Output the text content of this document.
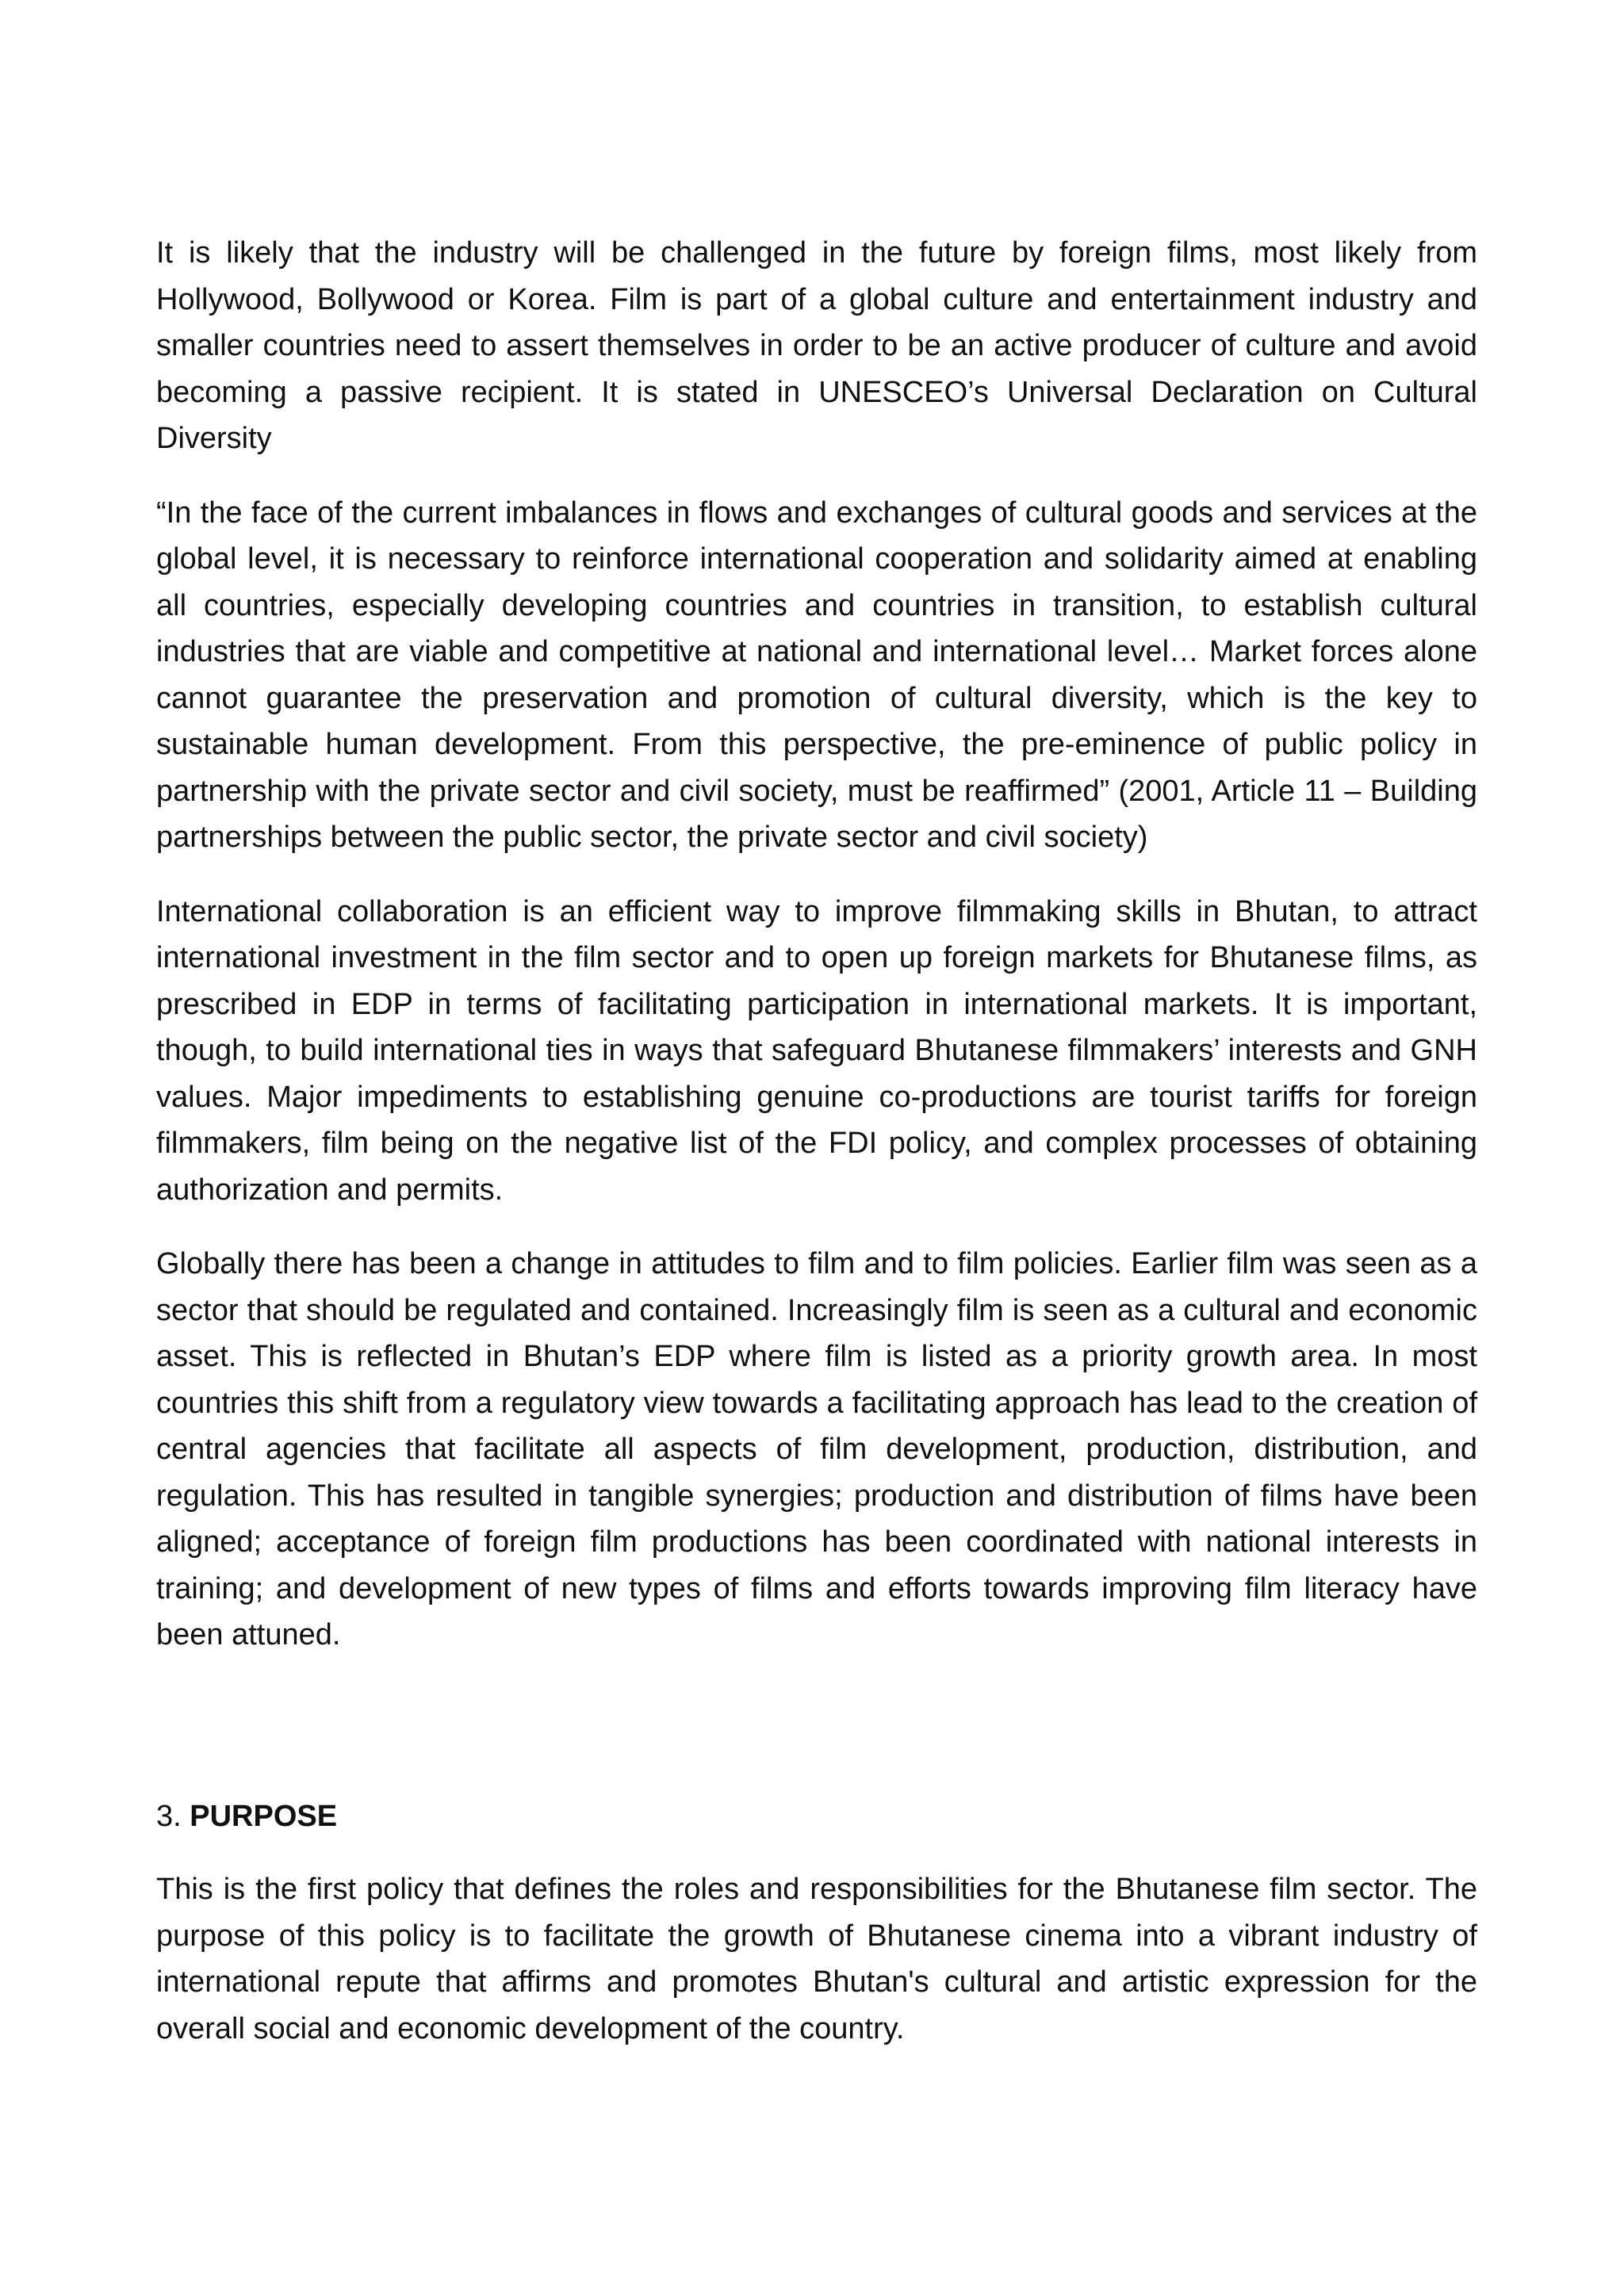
It is likely that the industry will be challenged in the future by foreign films, most likely from Hollywood, Bollywood or Korea. Film is part of a global culture and entertainment industry and smaller countries need to assert themselves in order to be an active producer of culture and avoid becoming a passive recipient. It is stated in UNESCEO’s Universal Declaration on Cultural Diversity

“In the face of the current imbalances in flows and exchanges of cultural goods and services at the global level, it is necessary to reinforce international cooperation and solidarity aimed at enabling all countries, especially developing countries and countries in transition, to establish cultural industries that are viable and competitive at national and international level… Market forces alone cannot guarantee the preservation and promotion of cultural diversity, which is the key to sustainable human development. From this perspective, the pre-eminence of public policy in partnership with the private sector and civil society, must be reaffirmed” (2001, Article 11 – Building partnerships between the public sector, the private sector and civil society)

International collaboration is an efficient way to improve filmmaking skills in Bhutan, to attract international investment in the film sector and to open up foreign markets for Bhutanese films, as prescribed in EDP in terms of facilitating participation in international markets. It is important, though, to build international ties in ways that safeguard Bhutanese filmmakers’ interests and GNH values. Major impediments to establishing genuine co-productions are tourist tariffs for foreign filmmakers, film being on the negative list of the FDI policy, and complex processes of obtaining authorization and permits.

Globally there has been a change in attitudes to film and to film policies. Earlier film was seen as a sector that should be regulated and contained. Increasingly film is seen as a cultural and economic asset. This is reflected in Bhutan’s EDP where film is listed as a priority growth area. In most countries this shift from a regulatory view towards a facilitating approach has lead to the creation of central agencies that facilitate all aspects of film development, production, distribution, and regulation. This has resulted in tangible synergies; production and distribution of films have been aligned; acceptance of foreign film productions has been coordinated with national interests in training; and development of new types of films and efforts towards improving film literacy have been attuned.

3. PURPOSE

This is the first policy that defines the roles and responsibilities for the Bhutanese film sector. The purpose of this policy is to facilitate the growth of Bhutanese cinema into a vibrant industry of international repute that affirms and promotes Bhutan's cultural and artistic expression for the overall social and economic development of the country.
